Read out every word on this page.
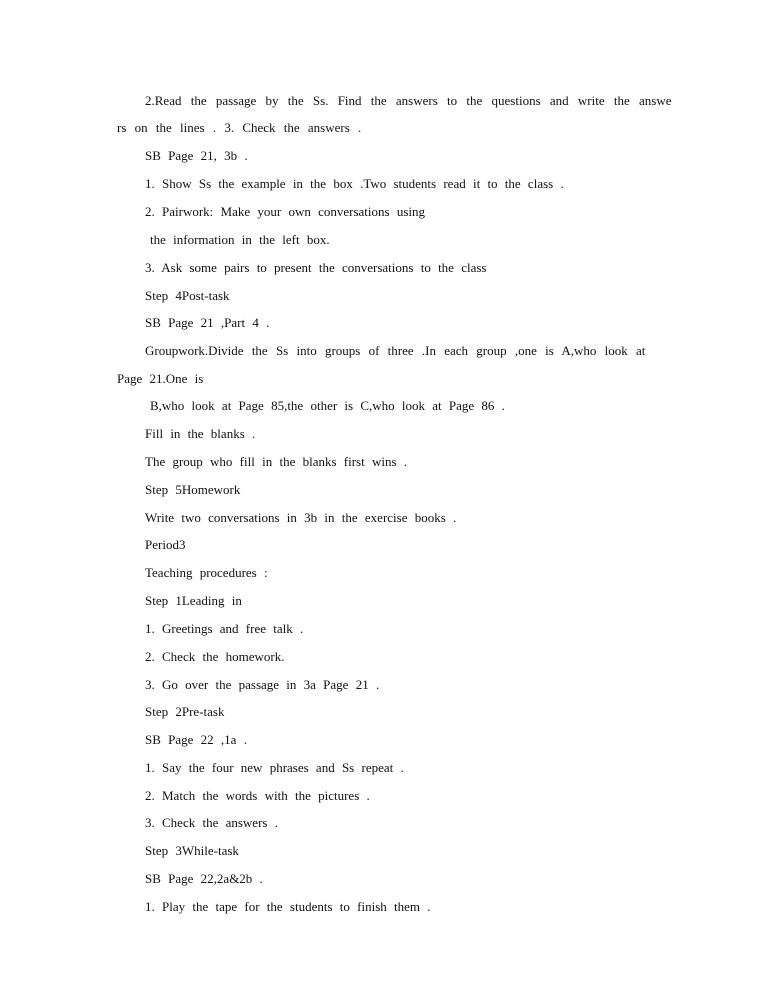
2.Read the passage by the Ss. Find the answers to the questions and write the answe
rs on the lines . 3. Check the answers .
SB Page 21, 3b .
1. Show Ss the example in the box .Two students read it to the class .
2. Pairwork: Make your own conversations using
the information in the left box.
3. Ask some pairs to present the conversations to the class
Step 4Post-task
SB Page 21 ,Part 4 .
Groupwork.Divide the Ss into groups of three .In each group ,one is A,who look at
Page 21.One is
B,who look at Page 85,the other is C,who look at Page 86 .
Fill in the blanks .
The group who fill in the blanks first wins .
Step 5Homework
Write two conversations in 3b in the exercise books .
Period3
Teaching procedures :
Step 1Leading in
1. Greetings and free talk .
2. Check the homework.
3. Go over the passage in 3a Page 21 .
Step 2Pre-task
SB Page 22 ,1a .
1. Say the four new phrases and Ss repeat .
2. Match the words with the pictures .
3. Check the answers .
Step 3While-task
SB Page 22,2a&2b .
1. Play the tape for the students to finish them .
